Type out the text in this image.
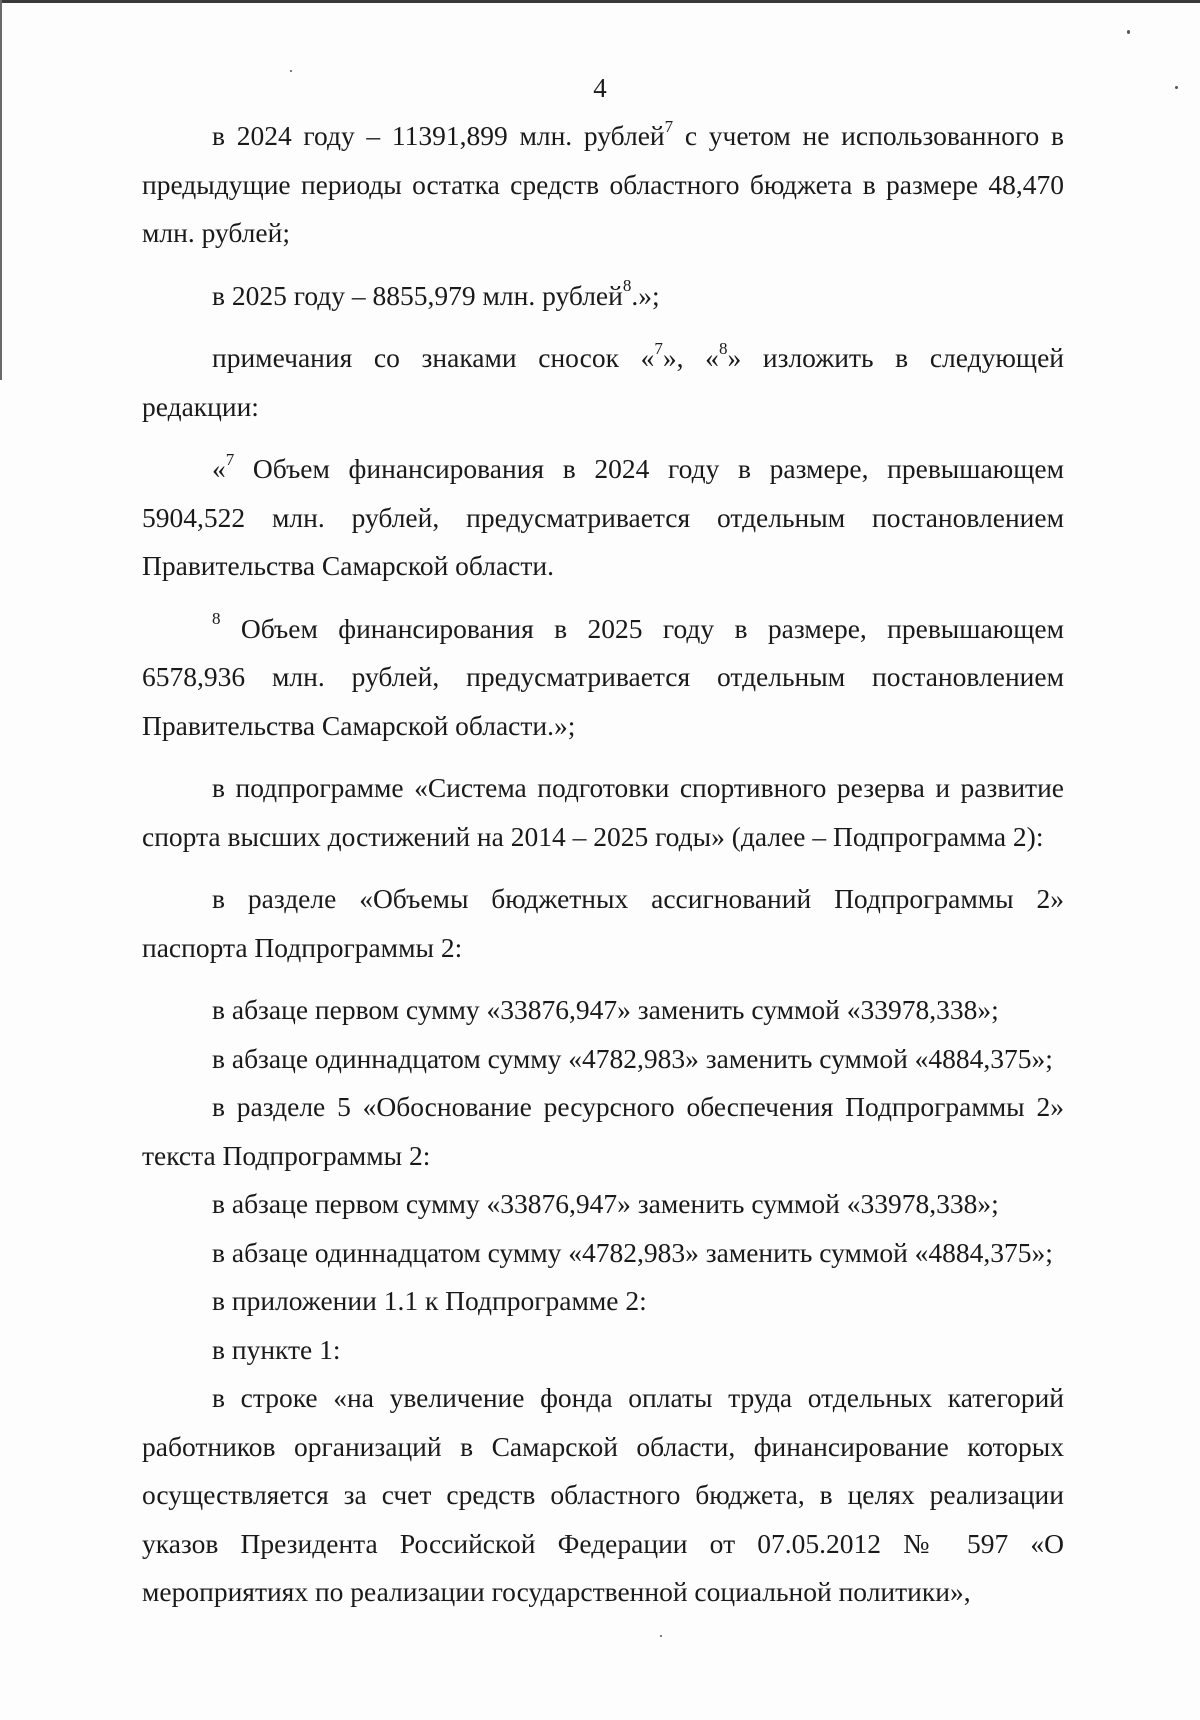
4

в 2024 году – 11391,899 млн. рублей$^7$ с учетом не использованного в предыдущие периоды остатка средств областного бюджета в размере 48,470 млн. рублей;

в 2025 году – 8855,979 млн. рублей$^8$.»;

примечания со знаками сносок «$^7$», «$^8$» изложить в следующей редакции:

«$^7$ Объем финансирования в 2024 году в размере, превышающем 5904,522 млн. рублей, предусматривается отдельным постановлением Правительства Самарской области.

$^8$ Объем финансирования в 2025 году в размере, превышающем 6578,936 млн. рублей, предусматривается отдельным постановлением Правительства Самарской области.»;

в подпрограмме «Система подготовки спортивного резерва и развитие спорта высших достижений на 2014 – 2025 годы» (далее – Подпрограмма 2):

в разделе «Объемы бюджетных ассигнований Подпрограммы 2» паспорта Подпрограммы 2:

в абзаце первом сумму «33876,947» заменить суммой «33978,338»;

в абзаце одиннадцатом сумму «4782,983» заменить суммой «4884,375»;

в разделе 5 «Обоснование ресурсного обеспечения Подпрограммы 2» текста Подпрограммы 2:

в абзаце первом сумму «33876,947» заменить суммой «33978,338»;

в абзаце одиннадцатом сумму «4782,983» заменить суммой «4884,375»;

в приложении 1.1 к Подпрограмме 2:

в пункте 1:

в строке «на увеличение фонда оплаты труда отдельных категорий работников организаций в Самарской области, финансирование которых осуществляется за счет средств областного бюджета, в целях реализации указов Президента Российской Федерации от 07.05.2012 № 597 «О мероприятиях по реализации государственной социальной политики»,
